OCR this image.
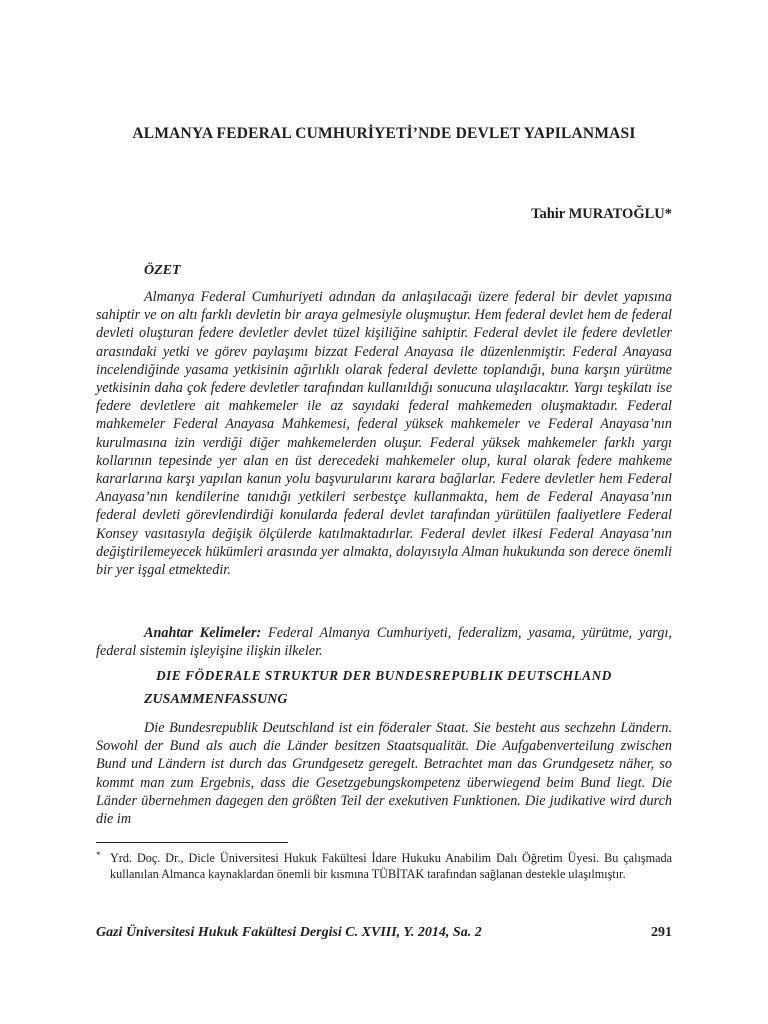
ALMANYA FEDERAL CUMHURİYETİ’NDE DEVLET YAPILANMASI
Tahir MURATOĞLU*
ÖZET

Almanya Federal Cumhuriyeti adından da anlaşılacağı üzere federal bir devlet yapısına sahiptir ve on altı farklı devletin bir araya gelmesiyle oluşmuştur. Hem federal devlet hem de federal devleti oluşturan federe devletler devlet tüzel kişiliğine sahiptir. Federal devlet ile federe devletler arasındaki yetki ve görev paylaşımı bizzat Federal Anayasa ile düzenlenmiştir. Federal Anayasa incelendiğinde yasama yetkisinin ağırlıklı olarak federal devlette toplandığı, buna karşın yürütme yetkisinin daha çok federe devletler tarafından kullanıldığı sonucuna ulaşılacaktır. Yargı teşkilatı ise federe devletlere ait mahkemeler ile az sayıdaki federal mahkemeden oluşmaktadır. Federal mahkemeler Federal Anayasa Mahkemesi, federal yüksek mahkemeler ve Federal Anayasa’nın kurulmasına izin verdiği diğer mahkemelerden oluşur. Federal yüksek mahkemeler farklı yargı kollarının tepesinde yer alan en üst derecedeki mahkemeler olup, kural olarak federe mahkeme kararlarına karşı yapılan kanun yolu başvurularını karara bağlarlar. Federe devletler hem Federal Anayasa’nın kendilerine tanıdığı yetkileri serbestçe kullanmakta, hem de Federal Anayasa’nın federal devleti görevlendirdiği konularda federal devlet tarafından yürütülen faaliyetlere Federal Konsey vasıtasıyla değişik ölçülerde katılmaktadırlar. Federal devlet ilkesi Federal Anayasa’nın değiştirilemeyecek hükümleri arasında yer almakta, dolayısıyla Alman hukukunda son derece önemli bir yer işgal etmektedir.

Anahtar Kelimeler: Federal Almanya Cumhuriyeti, federalizm, yasama, yürütme, yargı, federal sistemin işleyişine ilişkin ilkeler.

DIE FÖDERALE STRUKTUR DER BUNDESREPUBLIK DEUTSCHLAND
ZUSAMMENFASSUNG

Die Bundesrepublik Deutschland ist ein föderaler Staat. Sie besteht aus sechzehn Ländern. Sowohl der Bund als auch die Länder besitzen Staatsqualität. Die Aufgabenverteilung zwischen Bund und Ländern ist durch das Grundgesetz geregelt. Betrachtet man das Grundgesetz näher, so kommt man zum Ergebnis, dass die Gesetzgebungskompetenz überwiegend beim Bund liegt. Die Länder übernehmen dagegen den größten Teil der exekutiven Funktionen. Die judikative wird durch die im

* Yrd. Doç. Dr., Dicle Üniversitesi Hukuk Fakültesi İdare Hukuku Anabilim Dalı Öğretim Üyesi. Bu çalışmada kullanılan Almanca kaynaklardan önemli bir kısmına TÜBİTAK tarafından sağlanan destekle ulaşılmıştır.
Gazi Üniversitesi Hukuk Fakültesi Dergisi C. XVIII, Y. 2014, Sa. 2	291
